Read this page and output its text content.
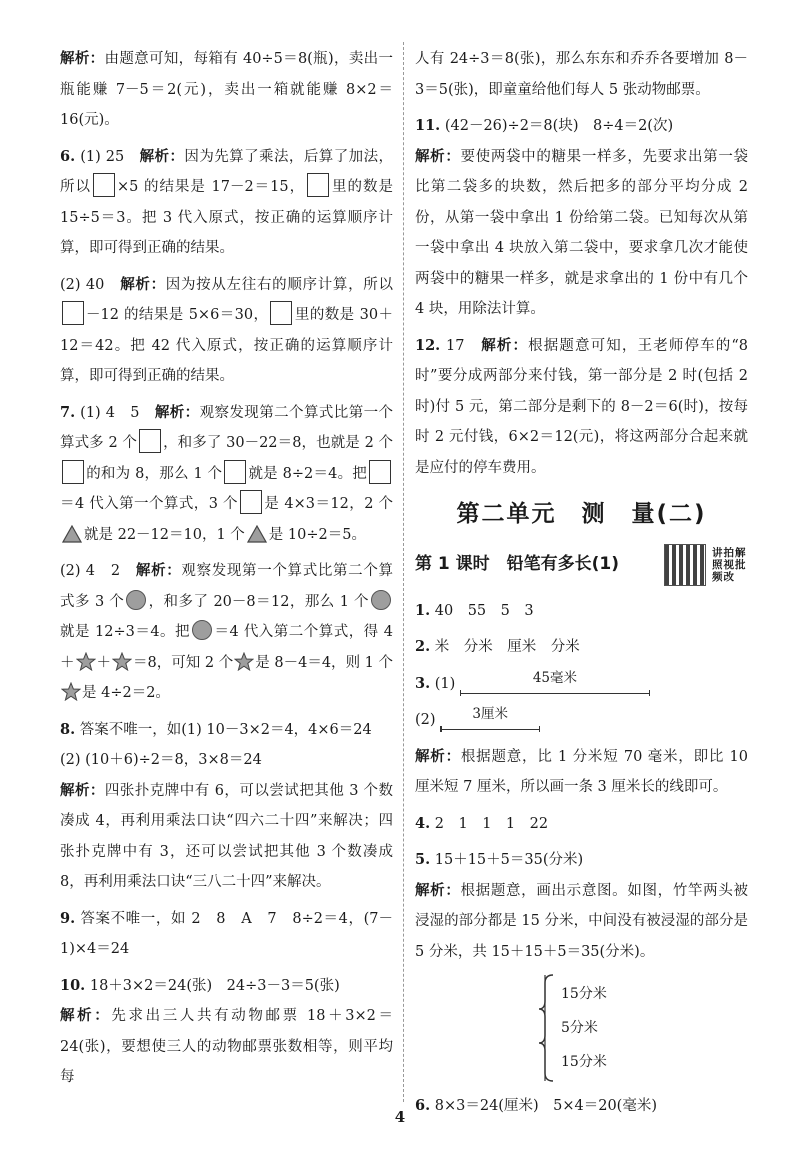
解析：由题意可知，每箱有 40÷5＝8(瓶)，卖出一瓶能赚 7－5＝2(元)，卖出一箱就能赚 8×2＝16(元)。

6. (1) 25　 解析：因为先算了乘法，后算了加法，所以 ×5 的结果是 17－2＝15， 里的数是 15÷5＝3。把 3 代入原式，按正确的运算顺序计算，即可得到正确的结果。

(2) 40　 解析：因为按从左往右的顺序计算，所以－12 的结果是 5×6＝30， 里的数是 30＋12＝42。把 42 代入原式，按正确的运算顺序计算，即可得到正确的结果。

7. (1) 4　5　 解析：观察发现第二个算式比第一个算式多 2 个 ，和多了 30－22＝8，也就是 2 个的和为 8，那么 1 个 就是 8÷2＝4。把＝4 代入第一个算式，3 个 是 4×3＝12，2 个就是 22－12＝10，1 个 是 10÷2＝5。

(2) 4　2　 解析：观察发现第一个算式比第二个算式多 3 个 ，和多了 20－8＝12，那么 1 个就是 12÷3＝4。把 ＝4 代入第二个算式，得 4＋ ＋ ＝8，可知 2 个 是 8－4＝4，则 1 个是 4÷2＝2。

8. 答案不唯一，如(1) 10－3×2＝4，4×6＝24

(2) (10＋6)÷2＝8，3×8＝24

解析：四张扑克牌中有 6，可以尝试把其他 3 个数凑成 4，再利用乘法口诀“四六二十四”来解决；四张扑克牌中有 3，还可以尝试把其他 3 个数凑成 8，再利用乘法口诀“三八二十四”来解决。

9. 答案不唯一，如 2　8　A　7　8÷2＝4，(7－1)×4＝24

10. 18＋3×2＝24(张)　24÷3－3＝5(张)

解析：先求出三人共有动物邮票 18＋3×2＝24(张)，要想使三人的动物邮票张数相等，则平均每

人有 24÷3＝8(张)，那么东东和乔乔各要增加 8－3＝5(张)，即童童给他们每人 5 张动物邮票。

11. (42－26)÷2＝8(块)　8÷4＝2(次)

解析：要使两袋中的糖果一样多，先要求出第一袋比第二袋多的块数，然后把多的部分平均分成 2 份，从第一袋中拿出 1 份给第二袋。已知每次从第一袋中拿出 4 块放入第二袋中，要求拿几次才能使两袋中的糖果一样多，就是求拿出的 1 份中有几个 4 块，用除法计算。

12. 17　 解析：根据题意可知，王老师停车的“8 时”要分成两部分来付钱，第一部分是 2 时(包括 2 时)付 5 元，第二部分是剩下的 8－2＝6(时)，按每时 2 元付钱，6×2＝12(元)，将这两部分合起来就是应付的停车费用。

第二单元　测　量(二)
第 1 课时　铅笔有多长(1)
讲拍解照视批频改

1. 40　55　5　3

2. 米　分米　厘米　分米

3. (1)	45毫米

(2)	3厘米

解析：根据题意，比 1 分米短 70 毫米，即比 10 厘米短 7 厘米，所以画一条 3 厘米长的线即可。

4. 2　1　1　1　22

5. 15＋15＋5＝35(分米)

解析：根据题意，画出示意图。如图，竹竿两头被浸湿的部分都是 15 分米，中间没有被浸湿的部分是 5 分米，共 15＋15＋5＝35(分米)。

15分米
5分米
15分米

6. 8×3＝24(厘米)　5×4＝20(毫米)

4
